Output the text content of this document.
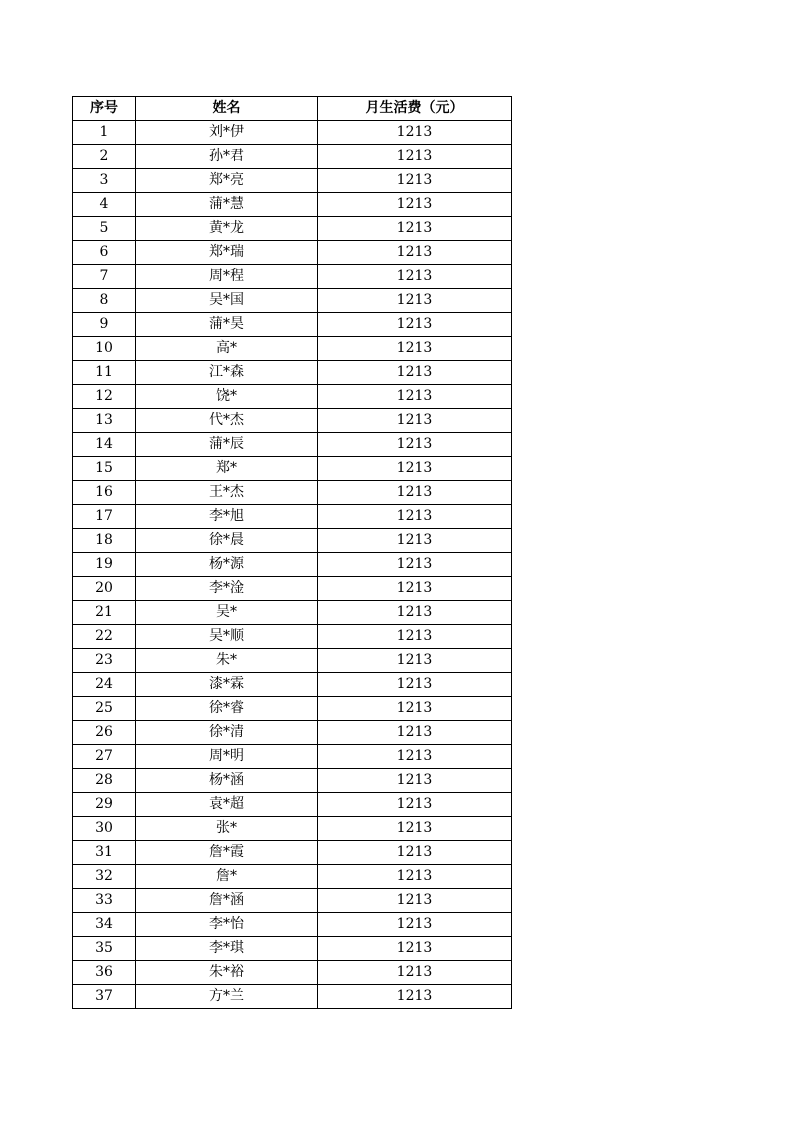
序号	姓名	月生活费（元）
1	刘*伊	1213
2	孙*君	1213
3	郑*亮	1213
4	蒲*慧	1213
5	黄*龙	1213
6	郑*瑞	1213
7	周*程	1213
8	吴*国	1213
9	蒲*昊	1213
10	高*	1213
11	江*森	1213
12	饶*	1213
13	代*杰	1213
14	蒲*辰	1213
15	郑*	1213
16	王*杰	1213
17	李*旭	1213
18	徐*晨	1213
19	杨*源	1213
20	李*淦	1213
21	吴*	1213
22	吴*顺	1213
23	朱*	1213
24	漆*霖	1213
25	徐*睿	1213
26	徐*清	1213
27	周*明	1213
28	杨*涵	1213
29	袁*超	1213
30	张*	1213
31	詹*霞	1213
32	詹*	1213
33	詹*涵	1213
34	李*怡	1213
35	李*琪	1213
36	朱*裕	1213
37	方*兰	1213
